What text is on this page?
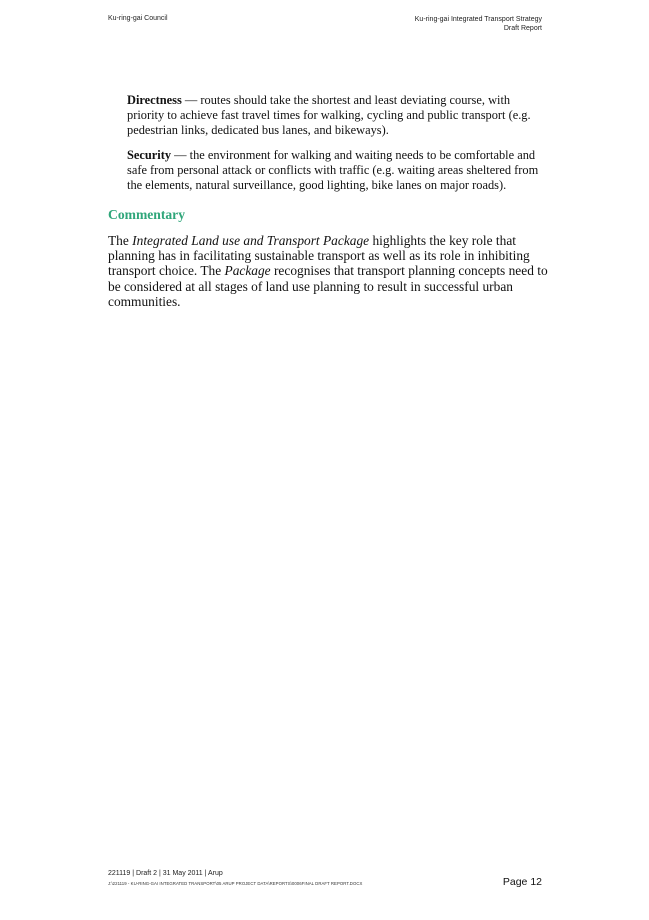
Ku-ring-gai Council	Ku-ring-gai Integrated Transport Strategy
Draft Report

Directness — routes should take the shortest and least deviating course, with priority to achieve fast travel times for walking, cycling and public transport (e.g. pedestrian links, dedicated bus lanes, and bikeways).

Security — the environment for walking and waiting needs to be comfortable and safe from personal attack or conflicts with traffic (e.g. waiting areas sheltered from the elements, natural surveillance, good lighting, bike lanes on major roads).

Commentary

The Integrated Land use and Transport Package highlights the key role that planning has in facilitating sustainable transport as well as its role in inhibiting transport choice. The Package recognises that transport planning concepts need to be considered at all stages of land use planning to result in successful urban communities.

221119 | Draft 2 | 31 May 2011 | Arup
J:\221119 - KU-RING-GAI INTEGRATED TRANSPORT\05 ARUP PROJECT DATA\REPORTS\0006FINAL DRAFT REPORT.DOCX	Page 12
